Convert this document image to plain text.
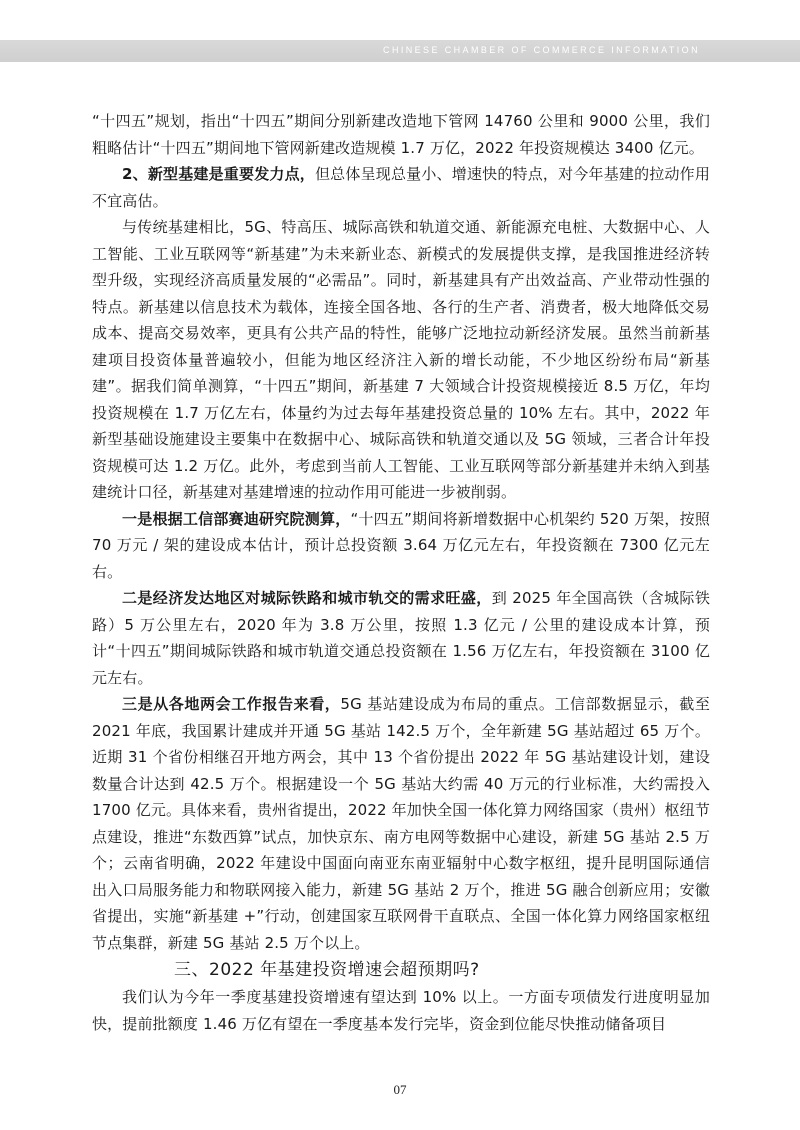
CHINESE CHAMBER OF COMMERCE INFORMATION

“十四五”规划，指出“十四五”期间分别新建改造地下管网 14760 公里和 9000 公里，我们粗略估计“十四五”期间地下管网新建改造规模 1.7 万亿，2022 年投资规模达 3400 亿元。

2、新型基建是重要发力点，但总体呈现总量小、增速快的特点，对今年基建的拉动作用不宜高估。

与传统基建相比，5G、特高压、城际高铁和轨道交通、新能源充电桩、大数据中心、人工智能、工业互联网等“新基建”为未来新业态、新模式的发展提供支撑，是我国推进经济转型升级，实现经济高质量发展的“必需品”。同时，新基建具有产出效益高、产业带动性强的特点。新基建以信息技术为载体，连接全国各地、各行的生产者、消费者，极大地降低交易成本、提高交易效率，更具有公共产品的特性，能够广泛地拉动新经济发展。虽然当前新基建项目投资体量普遍较小，但能为地区经济注入新的增长动能，不少地区纷纷布局“新基建”。据我们简单测算，“十四五”期间，新基建 7 大领域合计投资规模接近 8.5 万亿，年均投资规模在 1.7 万亿左右，体量约为过去每年基建投资总量的 10% 左右。其中，2022 年新型基础设施建设主要集中在数据中心、城际高铁和轨道交通以及 5G 领域，三者合计年投资规模可达 1.2 万亿。此外，考虑到当前人工智能、工业互联网等部分新基建并未纳入到基建统计口径，新基建对基建增速的拉动作用可能进一步被削弱。

一是根据工信部赛迪研究院测算，“十四五”期间将新增数据中心机架约 520 万架，按照 70 万元 / 架的建设成本估计，预计总投资额 3.64 万亿元左右，年投资额在 7300 亿元左右。

二是经济发达地区对城际铁路和城市轨交的需求旺盛，到 2025 年全国高铁（含城际铁路）5 万公里左右，2020 年为 3.8 万公里，按照 1.3 亿元 / 公里的建设成本计算，预计“十四五”期间城际铁路和城市轨道交通总投资额在 1.56 万亿左右，年投资额在 3100 亿元左右。

三是从各地两会工作报告来看，5G 基站建设成为布局的重点。工信部数据显示，截至 2021 年底，我国累计建成并开通 5G 基站 142.5 万个，全年新建 5G 基站超过 65 万个。近期 31 个省份相继召开地方两会，其中 13 个省份提出 2022 年 5G 基站建设计划，建设数量合计达到 42.5 万个。根据建设一个 5G 基站大约需 40 万元的行业标准，大约需投入 1700 亿元。具体来看，贵州省提出，2022 年加快全国一体化算力网络国家（贵州）枢纽节点建设，推进“东数西算”试点，加快京东、南方电网等数据中心建设，新建 5G 基站 2.5 万个；云南省明确，2022 年建设中国面向南亚东南亚辐射中心数字枢纽，提升昆明国际通信出入口局服务能力和物联网接入能力，新建 5G 基站 2 万个，推进 5G 融合创新应用；安徽省提出，实施“新基建 +”行动，创建国家互联网骨干直联点、全国一体化算力网络国家枢纽节点集群，新建 5G 基站 2.5 万个以上。

三、2022 年基建投资增速会超预期吗?

我们认为今年一季度基建投资增速有望达到 10% 以上。一方面专项债发行进度明显加快，提前批额度 1.46 万亿有望在一季度基本发行完毕，资金到位能尽快推动储备项目

07
